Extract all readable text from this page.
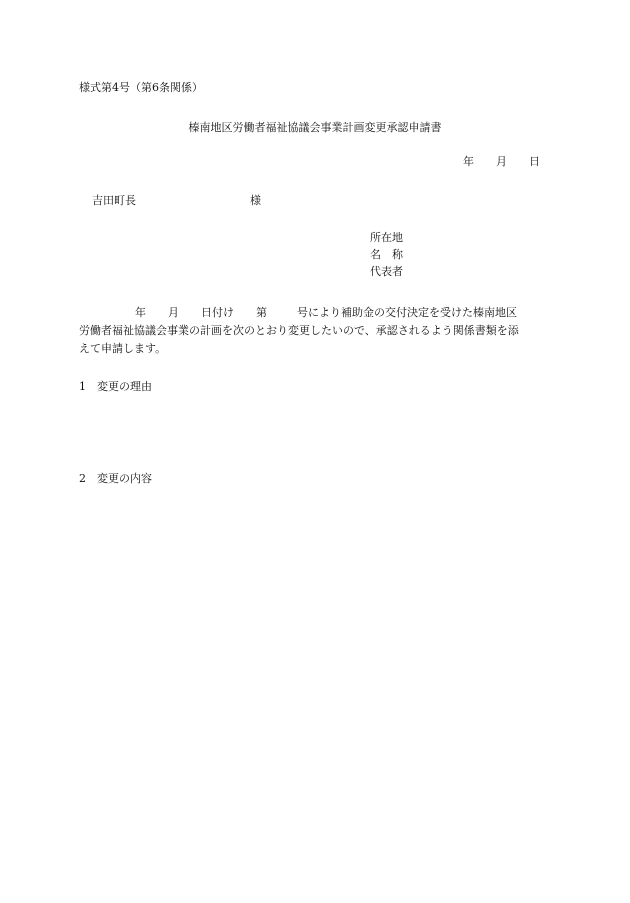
様式第4号（第6条関係）
榛南地区労働者福祉協議会事業計画変更承認申請書
年 月 日
吉田町長	様
所在地
名　称
代表者
年 月 日付け 第	号により補助金の交付決定を受けた榛南地区
労働者福祉協議会事業の計画を次のとおり変更したいので、承認されるよう関係書類を添
えて申請します。
1 変更の理由
2 変更の内容
